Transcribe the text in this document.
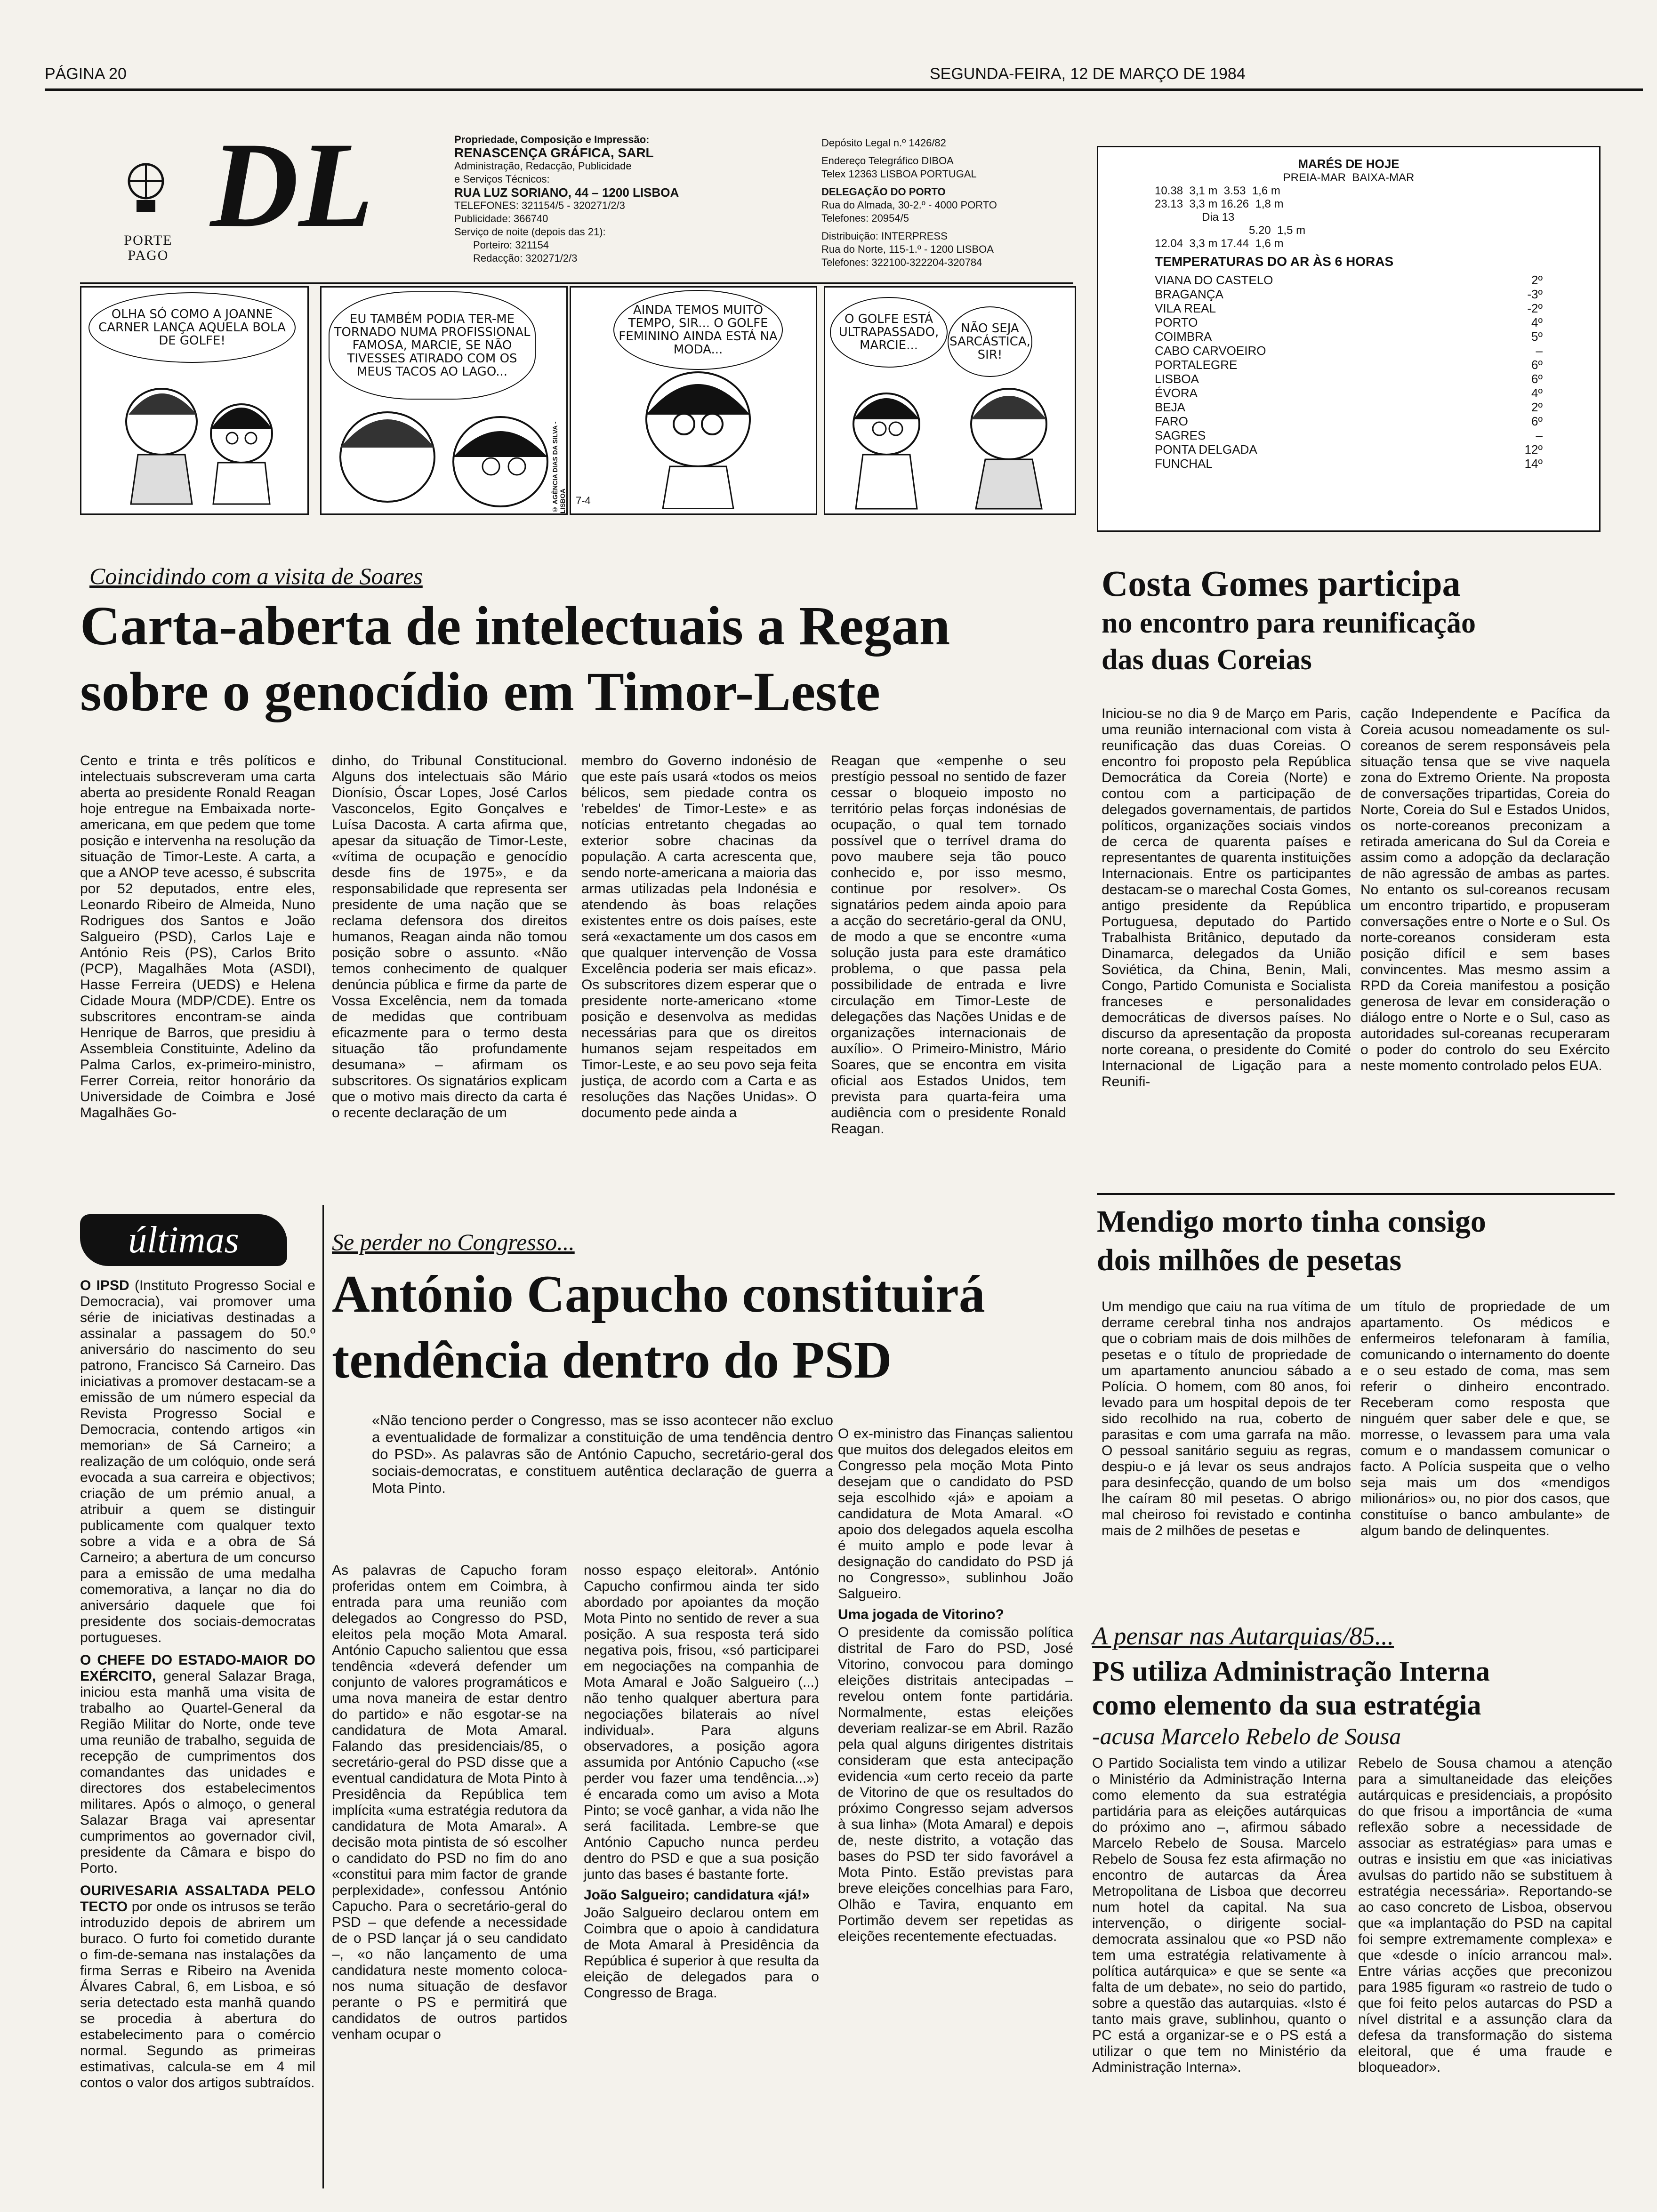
PÁGINA 20	SEGUNDA-FEIRA, 12 DE MARÇO DE 1984
DL
PORTE PAGO
Propriedade, Composição e Impressão:
RENASCENÇA GRÁFICA, SARL
Administração, Redacção, Publicidade
e Serviços Técnicos:
RUA LUZ SORIANO, 44 – 1200 LISBOA
TELEFONES: 321154/5 - 320271/2/3
Publicidade: 366740
Serviço de noite (depois das 21):
Porteiro: 321154
Redacção: 320271/2/3
Depósito Legal n.º 1426/82
Endereço Telegráfico DIBOA
Telex 12363 LISBOA PORTUGAL
DELEGAÇÃO DO PORTO
Rua do Almada, 30-2.º - 4000 PORTO
Telefones: 20954/5
Distribuição: INTERPRESS
Rua do Norte, 115-1.º - 1200 LISBOA
Telefones: 322100-322204-320784
OLHA SÓ COMO A JOANNE CARNER LANÇA AQUELA BOLA DE GOLFE!
EU TAMBÉM PODIA TER-ME TORNADO NUMA PROFISSIONAL FAMOSA, MARCIE, SE NÃO TIVESSES ATIRADO COM OS MEUS TACOS AO LAGO...
© AGÊNCIA DIAS DA SILVA - LISBOA
AINDA TEMOS MUITO TEMPO, SIR... O GOLFE FEMININO AINDA ESTÁ NA MODA...
7-4
O GOLFE ESTÁ ULTRAPASSADO, MARCIE...
NÃO SEJA SARCÁSTICA, SIR!
MARÉS DE HOJE
PREIA-MAR  BAIXA-MAR
10.38  3,1 m  3.53  1,6 m
23.13  3,3 m 16.26  1,8 m
Dia 13
5.20  1,5 m
12.04  3,3 m 17.44  1,6 m
TEMPERATURAS DO AR ÀS 6 HORAS
VIANA DO CASTELO	2º
BRAGANÇA	-3º
VILA REAL	-2º
PORTO	4º
COIMBRA	5º
CABO CARVOEIRO	–
PORTALEGRE	6º
LISBOA	6º
ÉVORA	4º
BEJA	2º
FARO	6º
SAGRES	–
PONTA DELGADA	12º
FUNCHAL	14º
Coincidindo com a visita de Soares
Carta-aberta de intelectuais a Regan
sobre o genocídio em Timor-Leste
Cento e trinta e três políticos e intelectuais subscreveram uma carta aberta ao presidente Ronald Reagan hoje entregue na Embaixada norte-americana, em que pedem que tome posição e intervenha na resolução da situação de Timor-Leste. A carta, a que a ANOP teve acesso, é subscrita por 52 deputados, entre eles, Leonardo Ribeiro de Almeida, Nuno Rodrigues dos Santos e João Salgueiro (PSD), Carlos Laje e António Reis (PS), Carlos Brito (PCP), Magalhães Mota (ASDI), Hasse Ferreira (UEDS) e Helena Cidade Moura (MDP/CDE). Entre os subscritores encontram-se ainda Henrique de Barros, que presidiu à Assembleia Constituinte, Adelino da Palma Carlos, ex-primeiro-ministro, Ferrer Correia, reitor honorário da Universidade de Coimbra e José Magalhães Go-
dinho, do Tribunal Constitucional. Alguns dos intelectuais são Mário Dionísio, Óscar Lopes, José Carlos Vasconcelos, Egito Gonçalves e Luísa Dacosta. A carta afirma que, apesar da situação de Timor-Leste, «vítima de ocupação e genocídio desde fins de 1975», e da responsabilidade que representa ser presidente de uma nação que se reclama defensora dos direitos humanos, Reagan ainda não tomou posição sobre o assunto. «Não temos conhecimento de qualquer denúncia pública e firme da parte de Vossa Excelência, nem da tomada de medidas que contribuam eficazmente para o termo desta situação tão profundamente desumana» – afirmam os subscritores. Os signatários explicam que o motivo mais directo da carta é o recente declaração de um
membro do Governo indonésio de que este país usará «todos os meios bélicos, sem piedade contra os 'rebeldes' de Timor-Leste» e as notícias entretanto chegadas ao exterior sobre chacinas da população. A carta acrescenta que, sendo norte-americana a maioria das armas utilizadas pela Indonésia e atendendo às boas relações existentes entre os dois países, este será «exactamente um dos casos em que qualquer intervenção de Vossa Excelência poderia ser mais eficaz». Os subscritores dizem esperar que o presidente norte-americano «tome posição e desenvolva as medidas necessárias para que os direitos humanos sejam respeitados em Timor-Leste, e ao seu povo seja feita justiça, de acordo com a Carta e as resoluções das Nações Unidas». O documento pede ainda a
Reagan que «empenhe o seu prestígio pessoal no sentido de fazer cessar o bloqueio imposto no território pelas forças indonésias de ocupação, o qual tem tornado possível que o terrível drama do povo maubere seja tão pouco conhecido e, por isso mesmo, continue por resolver». Os signatários pedem ainda apoio para a acção do secretário-geral da ONU, de modo a que se encontre «uma solução justa para este dramático problema, o que passa pela possibilidade de entrada e livre circulação em Timor-Leste de delegações das Nações Unidas e de organizações internacionais de auxílio». O Primeiro-Ministro, Mário Soares, que se encontra em visita oficial aos Estados Unidos, tem prevista para quarta-feira uma audiência com o presidente Ronald Reagan.
Costa Gomes participa
no encontro para reunificação
das duas Coreias
Iniciou-se no dia 9 de Março em Paris, uma reunião internacional com vista à reunificação das duas Coreias. O encontro foi proposto pela República Democrática da Coreia (Norte) e contou com a participação de delegados governamentais, de partidos políticos, organizações sociais vindos de cerca de quarenta países e representantes de quarenta instituições Internacionais. Entre os participantes destacam-se o marechal Costa Gomes, antigo presidente da República Portuguesa, deputado do Partido Trabalhista Britânico, deputado da Dinamarca, delegados da União Soviética, da China, Benin, Mali, Congo, Partido Comunista e Socialista franceses e personalidades democráticas de diversos países. No discurso da apresentação da proposta norte coreana, o presidente do Comité Internacional de Ligação para a Reunifi-
cação Independente e Pacífica da Coreia acusou nomeadamente os sul-coreanos de serem responsáveis pela situação tensa que se vive naquela zona do Extremo Oriente. Na proposta de conversações tripartidas, Coreia do Norte, Coreia do Sul e Estados Unidos, os norte-coreanos preconizam a retirada americana do Sul da Coreia e assim como a adopção da declaração de não agressão de ambas as partes. No entanto os sul-coreanos recusam um encontro tripartido, e propuseram conversações entre o Norte e o Sul. Os norte-coreanos consideram esta posição difícil e sem bases convincentes. Mas mesmo assim a RPD da Coreia manifestou a posição generosa de levar em consideração o diálogo entre o Norte e o Sul, caso as autoridades sul-coreanas recuperaram o poder do controlo do seu Exército neste momento controlado pelos EUA.
últimas
O IPSD (Instituto Progresso Social e Democracia), vai promover uma série de iniciativas destinadas a assinalar a passagem do 50.º aniversário do nascimento do seu patrono, Francisco Sá Carneiro. Das iniciativas a promover destacam-se a emissão de um número especial da Revista Progresso Social e Democracia, contendo artigos «in memorian» de Sá Carneiro; a realização de um colóquio, onde será evocada a sua carreira e objectivos; criação de um prémio anual, a atribuir a quem se distinguir publicamente com qualquer texto sobre a vida e a obra de Sá Carneiro; a abertura de um concurso para a emissão de uma medalha comemorativa, a lançar no dia do aniversário daquele que foi presidente dos sociais-democratas portugueses.
O CHEFE DO ESTADO-MAIOR DO EXÉRCITO, general Salazar Braga, iniciou esta manhã uma visita de trabalho ao Quartel-General da Região Militar do Norte, onde teve uma reunião de trabalho, seguida de recepção de cumprimentos dos comandantes das unidades e directores dos estabelecimentos militares. Após o almoço, o general Salazar Braga vai apresentar cumprimentos ao governador civil, presidente da Câmara e bispo do Porto.
OURIVESARIA ASSALTADA PELO TECTO por onde os intrusos se terão introduzido depois de abrirem um buraco. O furto foi cometido durante o fim-de-semana nas instalações da firma Serras e Ribeiro na Avenida Álvares Cabral, 6, em Lisboa, e só seria detectado esta manhã quando se procedia à abertura do estabelecimento para o comércio normal. Segundo as primeiras estimativas, calcula-se em 4 mil contos o valor dos artigos subtraídos.
Se perder no Congresso...
António Capucho constituirá
tendência dentro do PSD
«Não tenciono perder o Congresso, mas se isso acontecer não excluo a eventualidade de formalizar a constituição de uma tendência dentro do PSD». As palavras são de António Capucho, secretário-geral dos sociais-democratas, e constituem autêntica declaração de guerra a Mota Pinto.
As palavras de Capucho foram proferidas ontem em Coimbra, à entrada para uma reunião com delegados ao Congresso do PSD, eleitos pela moção Mota Amaral. António Capucho salientou que essa tendência «deverá defender um conjunto de valores programáticos e uma nova maneira de estar dentro do partido» e não esgotar-se na candidatura de Mota Amaral. Falando das presidenciais/85, o secretário-geral do PSD disse que a eventual candidatura de Mota Pinto à Presidência da República tem implícita «uma estratégia redutora da candidatura de Mota Amaral». A decisão mota pintista de só escolher o candidato do PSD no fim do ano «constitui para mim factor de grande perplexidade», confessou António Capucho. Para o secretário-geral do PSD – que defende a necessidade de o PSD lançar já o seu candidato –, «o não lançamento de uma candidatura neste momento coloca-nos numa situação de desfavor perante o PS e permitirá que candidatos de outros partidos venham ocupar o
nosso espaço eleitoral». António Capucho confirmou ainda ter sido abordado por apoiantes da moção Mota Pinto no sentido de rever a sua posição. A sua resposta terá sido negativa pois, frisou, «só participarei em negociações na companhia de Mota Amaral e João Salgueiro (...) não tenho qualquer abertura para negociações bilaterais ao nível individual». Para alguns observadores, a posição agora assumida por António Capucho («se perder vou fazer uma tendência...») é encarada como um aviso a Mota Pinto; se você ganhar, a vida não lhe será facilitada. Lembre-se que António Capucho nunca perdeu dentro do PSD e que a sua posição junto das bases é bastante forte.
João Salgueiro; candidatura «já!»
João Salgueiro declarou ontem em Coimbra que o apoio à candidatura de Mota Amaral à Presidência da República é superior à que resulta da eleição de delegados para o Congresso de Braga.
O ex-ministro das Finanças salientou que muitos dos delegados eleitos em Congresso pela moção Mota Pinto desejam que o candidato do PSD seja escolhido «já» e apoiam a candidatura de Mota Amaral. «O apoio dos delegados aquela escolha é muito amplo e pode levar à designação do candidato do PSD já no Congresso», sublinhou João Salgueiro.
Uma jogada de Vitorino?
O presidente da comissão política distrital de Faro do PSD, José Vitorino, convocou para domingo eleições distritais antecipadas – revelou ontem fonte partidária. Normalmente, estas eleições deveriam realizar-se em Abril. Razão pela qual alguns dirigentes distritais consideram que esta antecipação evidencia «um certo receio da parte de Vitorino de que os resultados do próximo Congresso sejam adversos à sua linha» (Mota Amaral) e depois de, neste distrito, a votação das bases do PSD ter sido favorável a Mota Pinto. Estão previstas para breve eleições concelhias para Faro, Olhão e Tavira, enquanto em Portimão devem ser repetidas as eleições recentemente efectuadas.
Mendigo morto tinha consigo
dois milhões de pesetas
Um mendigo que caiu na rua vítima de derrame cerebral tinha nos andrajos que o cobriam mais de dois milhões de pesetas e o título de propriedade de um apartamento anunciou sábado a Polícia. O homem, com 80 anos, foi levado para um hospital depois de ter sido recolhido na rua, coberto de parasitas e com uma garrafa na mão. O pessoal sanitário seguiu as regras, despiu-o e já levar os seus andrajos para desinfecção, quando de um bolso lhe caíram 80 mil pesetas. O abrigo mal cheiroso foi revistado e continha mais de 2 milhões de pesetas e
um título de propriedade de um apartamento. Os médicos e enfermeiros telefonaram à família, comunicando o internamento do doente e o seu estado de coma, mas sem referir o dinheiro encontrado. Receberam como resposta que ninguém quer saber dele e que, se morresse, o levassem para uma vala comum e o mandassem comunicar o facto. A Polícia suspeita que o velho seja mais um dos «mendigos milionários» ou, no pior dos casos, que constituíse o banco ambulante» de algum bando de delinquentes.
A pensar nas Autarquias/85...
PS utiliza Administração Interna
como elemento da sua estratégia
-acusa Marcelo Rebelo de Sousa
O Partido Socialista tem vindo a utilizar o Ministério da Administração Interna como elemento da sua estratégia partidária para as eleições autárquicas do próximo ano –, afirmou sábado Marcelo Rebelo de Sousa. Marcelo Rebelo de Sousa fez esta afirmação no encontro de autarcas da Área Metropolitana de Lisboa que decorreu num hotel da capital. Na sua intervenção, o dirigente social-democrata assinalou que «o PSD não tem uma estratégia relativamente à política autárquica» e que se sente «a falta de um debate», no seio do partido, sobre a questão das autarquias. «Isto é tanto mais grave, sublinhou, quanto o PC está a organizar-se e o PS está a utilizar o que tem no Ministério da Administração Interna».
Rebelo de Sousa chamou a atenção para a simultaneidade das eleições autárquicas e presidenciais, a propósito do que frisou a importância de «uma reflexão sobre a necessidade de associar as estratégias» para umas e outras e insistiu em que «as iniciativas avulsas do partido não se substituem à estratégia necessária». Reportando-se ao caso concreto de Lisboa, observou que «a implantação do PSD na capital foi sempre extremamente complexa» e que «desde o início arrancou mal». Entre várias acções que preconizou para 1985 figuram «o rastreio de tudo o que foi feito pelos autarcas do PSD a nível distrital e a assunção clara da defesa da transformação do sistema eleitoral, que é uma fraude e bloqueador».
